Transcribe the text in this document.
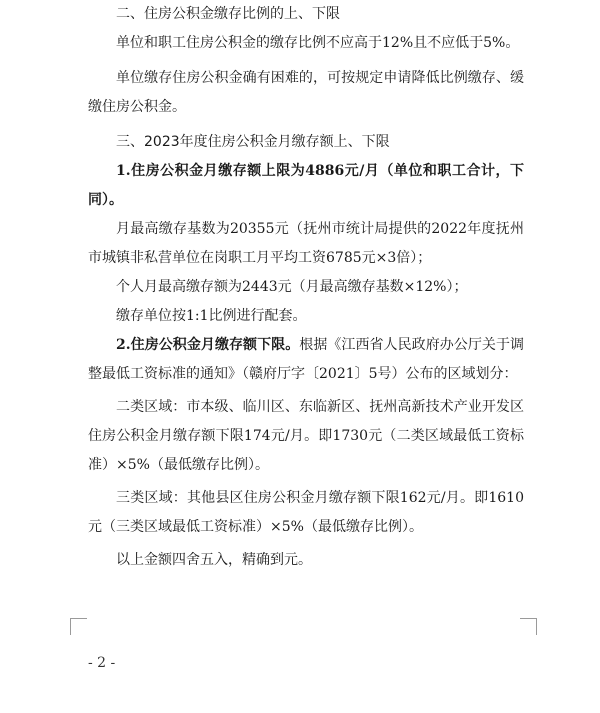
二、住房公积金缴存比例的上、下限

单位和职工住房公积金的缴存比例不应高于12%且不应低于5%。

单位缴存住房公积金确有困难的，可按规定申请降低比例缴存、缓缴住房公积金。

三、2023年度住房公积金月缴存额上、下限

1.住房公积金月缴存额上限为4886元/月（单位和职工合计，下同）。

月最高缴存基数为20355元（抚州市统计局提供的2022年度抚州市城镇非私营单位在岗职工月平均工资6785元×3倍）；

个人月最高缴存额为2443元（月最高缴存基数×12%）；

缴存单位按1:1比例进行配套。

2.住房公积金月缴存额下限。根据《江西省人民政府办公厅关于调整最低工资标准的通知》（赣府厅字〔2021〕5号）公布的区域划分：

二类区域：市本级、临川区、东临新区、抚州高新技术产业开发区住房公积金月缴存额下限174元/月。即1730元（二类区域最低工资标准）×5%（最低缴存比例）。

三类区域：其他县区住房公积金月缴存额下限162元/月。即1610元（三类区域最低工资标准）×5%（最低缴存比例）。

以上金额四舍五入，精确到元。

- 2 -
